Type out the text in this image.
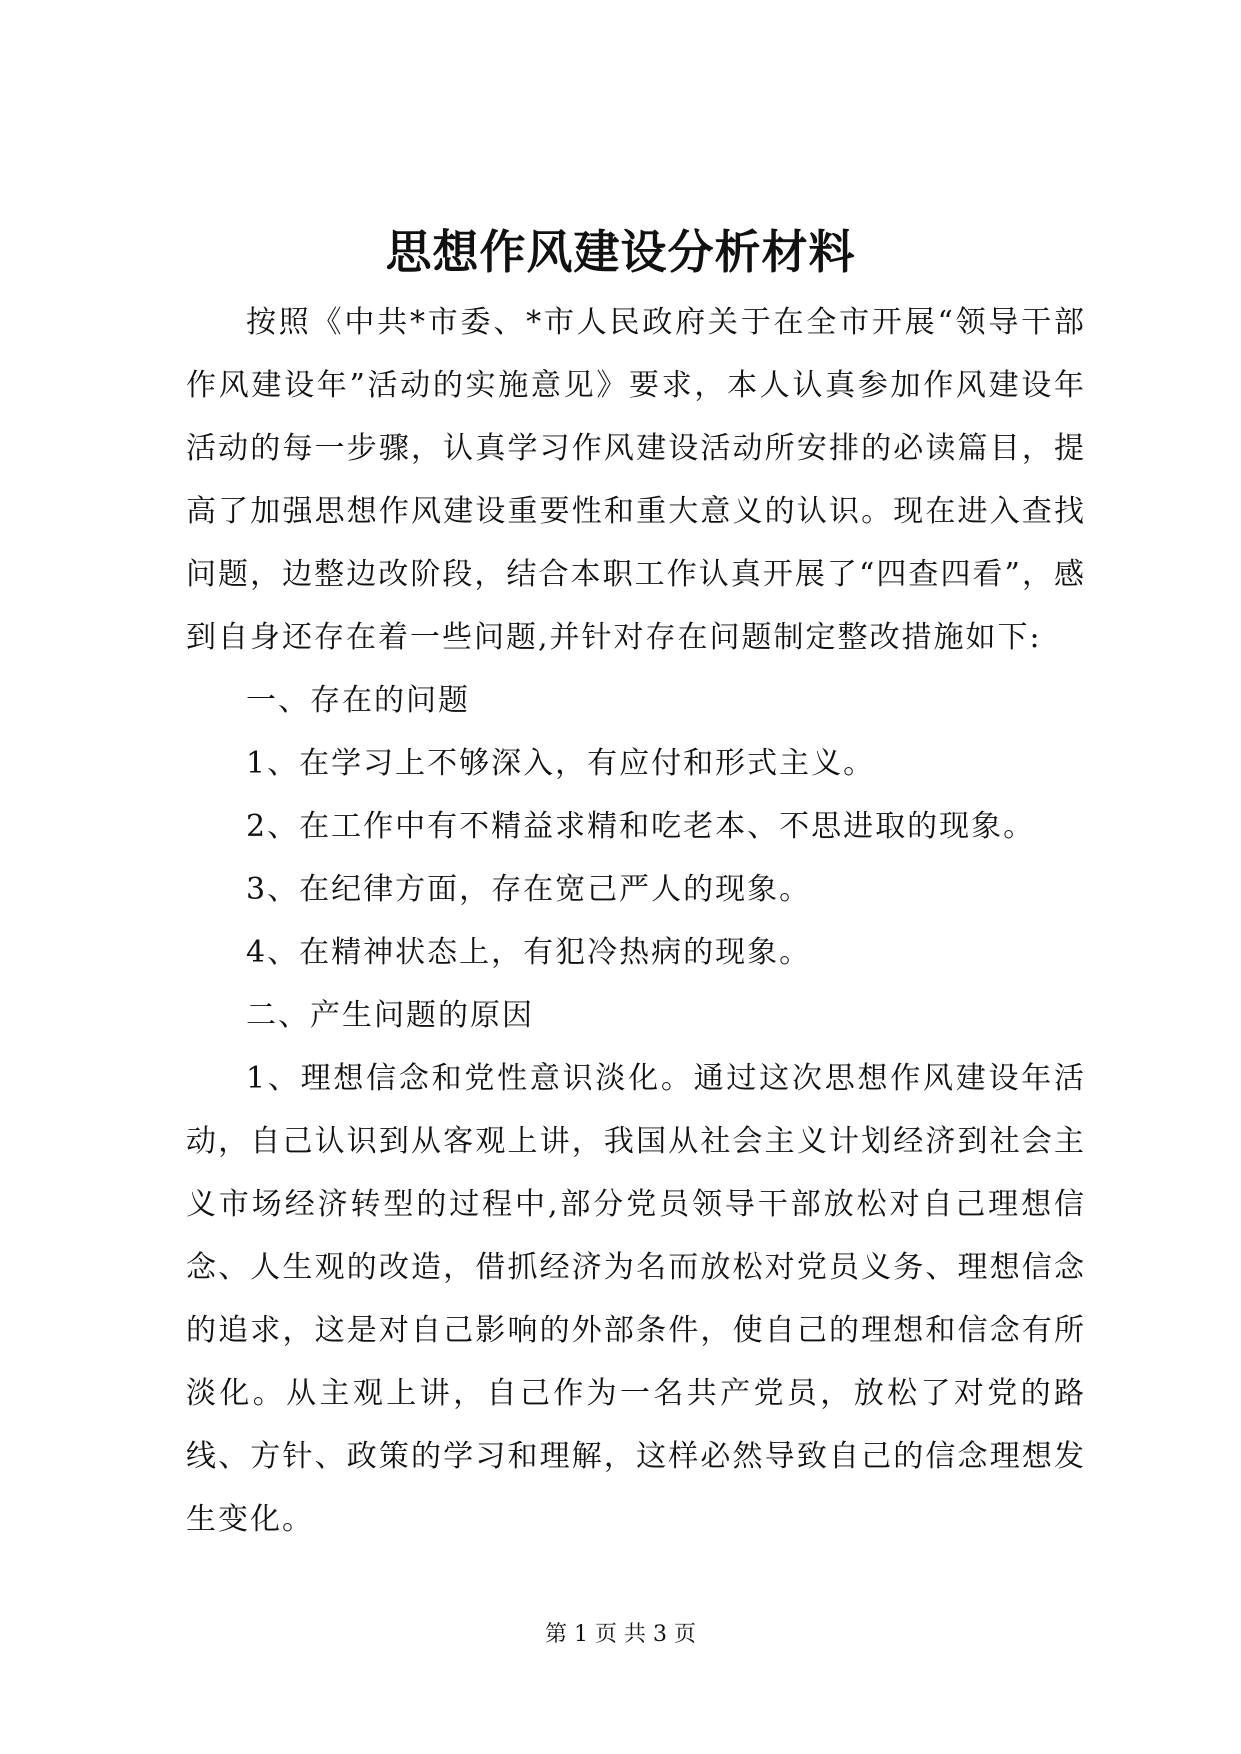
思想作风建设分析材料

按照《中共*市委、*市人民政府关于在全市开展“领导干部作风建设年”活动的实施意见》要求，本人认真参加作风建设年活动的每一步骤，认真学习作风建设活动所安排的必读篇目，提高了加强思想作风建设重要性和重大意义的认识。现在进入查找问题，边整边改阶段，结合本职工作认真开展了“四查四看”，感到自身还存在着一些问题,并针对存在问题制定整改措施如下:

一、存在的问题

1、在学习上不够深入，有应付和形式主义。

2、在工作中有不精益求精和吃老本、不思进取的现象。

3、在纪律方面，存在宽己严人的现象。

4、在精神状态上，有犯冷热病的现象。

二、产生问题的原因

1、理想信念和党性意识淡化。通过这次思想作风建设年活动，自己认识到从客观上讲，我国从社会主义计划经济到社会主义市场经济转型的过程中,部分党员领导干部放松对自己理想信念、人生观的改造，借抓经济为名而放松对党员义务、理想信念的追求，这是对自己影响的外部条件，使自己的理想和信念有所淡化。从主观上讲，自己作为一名共产党员，放松了对党的路线、方针、政策的学习和理解，这样必然导致自己的信念理想发生变化。

第 1 页 共 3 页
